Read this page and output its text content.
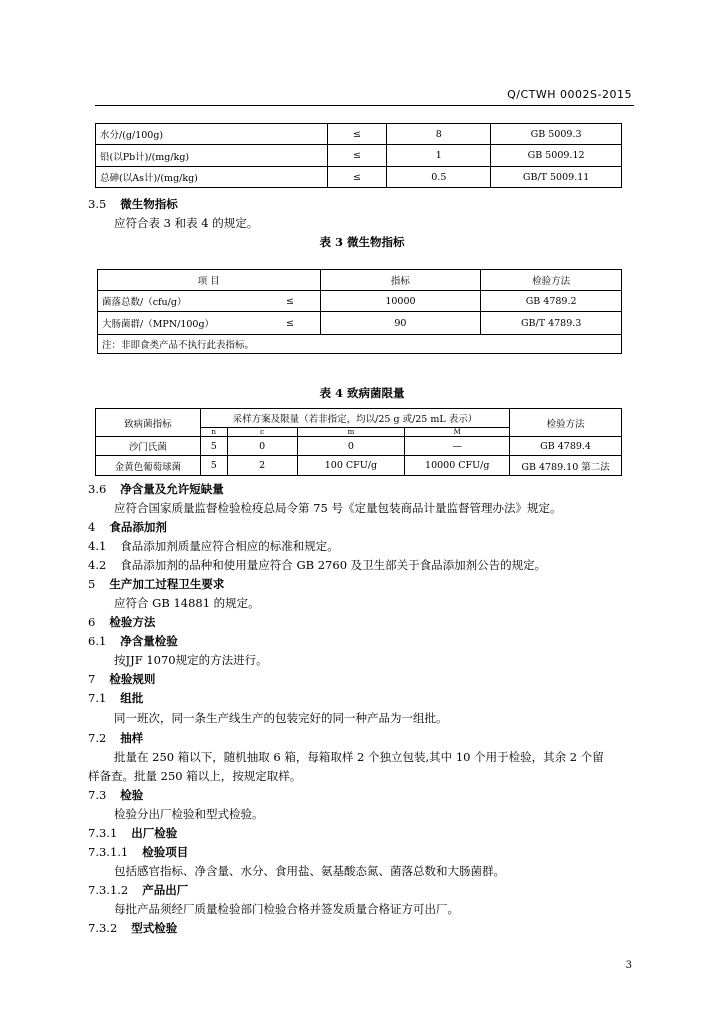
Q/CTWH 0002S-2015
水分/(g/100g)	≤	8	GB 5009.3
铅(以Pb计)/(mg/kg)	≤	1	GB 5009.12
总砷(以As计)/(mg/kg)	≤	0.5	GB/T 5009.11
3.5 微生物指标
应符合表 3 和表 4 的规定。
表 3 微生物指标
项 目		指标	检验方法
菌落总数/（cfu/g）	≤	10000	GB 4789.2
大肠菌群/（MPN/100g）	≤	90	GB/T 4789.3
注：非即食类产品不执行此表指标。			
表 4 致病菌限量
致病菌指标	采样方案及限量（若非指定，均以/25 g 或/25 mL 表示）				检验方法
	n	c	m	M	
沙门氏菌	5	0	0	—	GB 4789.4
金黄色葡萄球菌	5	2	100 CFU/g	10000 CFU/g	GB 4789.10 第二法
3.6 净含量及允许短缺量
应符合国家质量监督检验检疫总局令第 75 号《定量包装商品计量监督管理办法》规定。
4 食品添加剂
4.1 食品添加剂质量应符合相应的标准和规定。
4.2 食品添加剂的品种和使用量应符合 GB 2760 及卫生部关于食品添加剂公告的规定。
5 生产加工过程卫生要求
应符合 GB 14881 的规定。
6 检验方法
6.1 净含量检验
按JJF 1070规定的方法进行。
7 检验规则
7.1 组批
同一班次，同一条生产线生产的包装完好的同一种产品为一组批。
7.2 抽样
批量在 250 箱以下，随机抽取 6 箱，每箱取样 2 个独立包装,其中 10 个用于检验，其余 2 个留
样备查。批量 250 箱以上，按规定取样。
7.3 检验
检验分出厂检验和型式检验。
7.3.1 出厂检验
7.3.1.1 检验项目
包括感官指标、净含量、水分、食用盐、氨基酸态氮、菌落总数和大肠菌群。
7.3.1.2 产品出厂
每批产品须经厂质量检验部门检验合格并签发质量合格证方可出厂。
7.3.2 型式检验
3
